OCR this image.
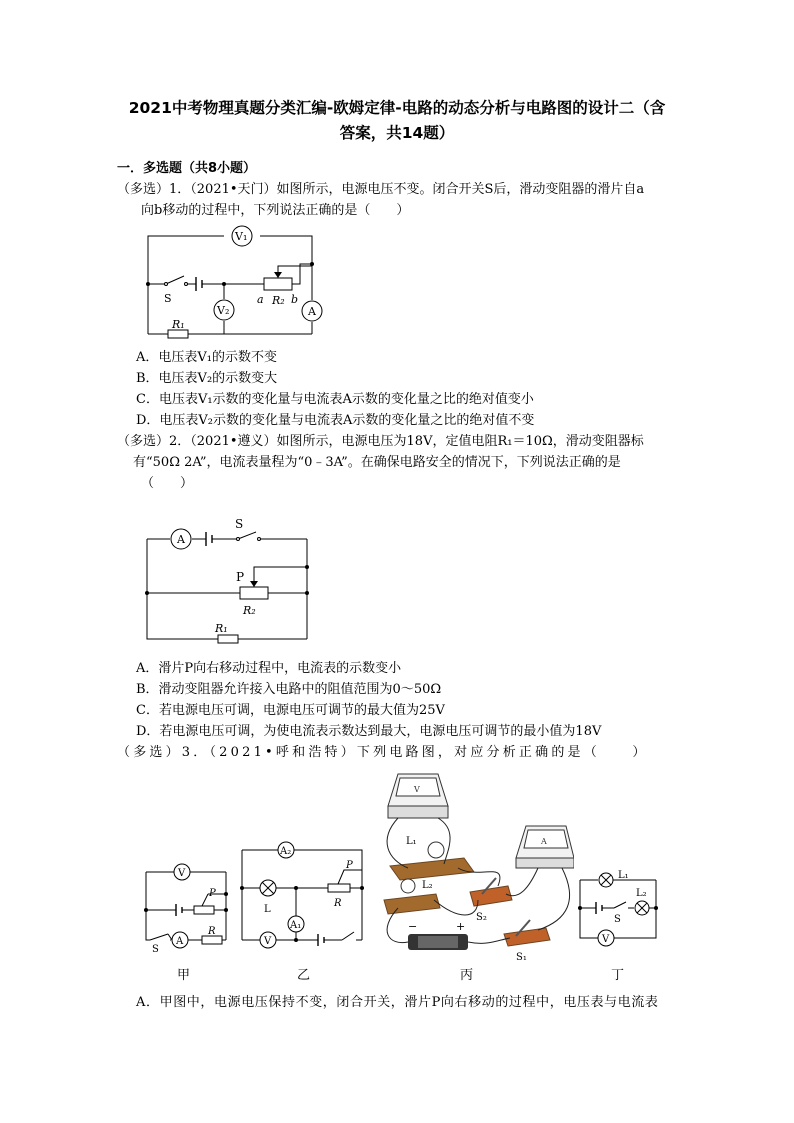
2021中考物理真题分类汇编-欧姆定律-电路的动态分析与电路图的设计二（含
答案，共14题）
一．多选题（共8小题）
（多选）1．（2021•天门）如图所示，电源电压不变。闭合开关S后，滑动变阻器的滑片自a
向b移动的过程中，下列说法正确的是（　　）
V₁
V₂	A
S	a R₂ b
R₁
A．电压表V₁的示数不变
B．电压表V₂的示数变大
C．电压表V₁示数的变化量与电流表A示数的变化量之比的绝对值变小
D．电压表V₂示数的变化量与电流表A示数的变化量之比的绝对值不变
（多选）2．（2021•遵义）如图所示，电源电压为18V，定值电阻R₁＝10Ω，滑动变阻器标
有“50Ω 2A”，电流表量程为“0﹣3A”。在确保电路安全的情况下，下列说法正确的是
（　　）
A
S
P
R₂
R₁
A．滑片P向右移动过程中，电流表的示数变小
B．滑动变阻器允许接入电路中的阻值范围为0～50Ω
C．若电源电压可调，电源电压可调节的最大值为25V
D．若电源电压可调，为使电流表示数达到最大，电源电压可调节的最小值为18V
（多选）3．（2021•呼和浩特）下列电路图，对应分析正确的是（　　）
V
P
S
A
R
A₂
L
A₁
P
R
V
V
A
L₁
L₂
S₂
S₁
−	+
L₁
L₂
S
V
甲	乙	丙	丁
A．甲图中，电源电压保持不变，闭合开关，滑片P向右移动的过程中，电压表与电流表
